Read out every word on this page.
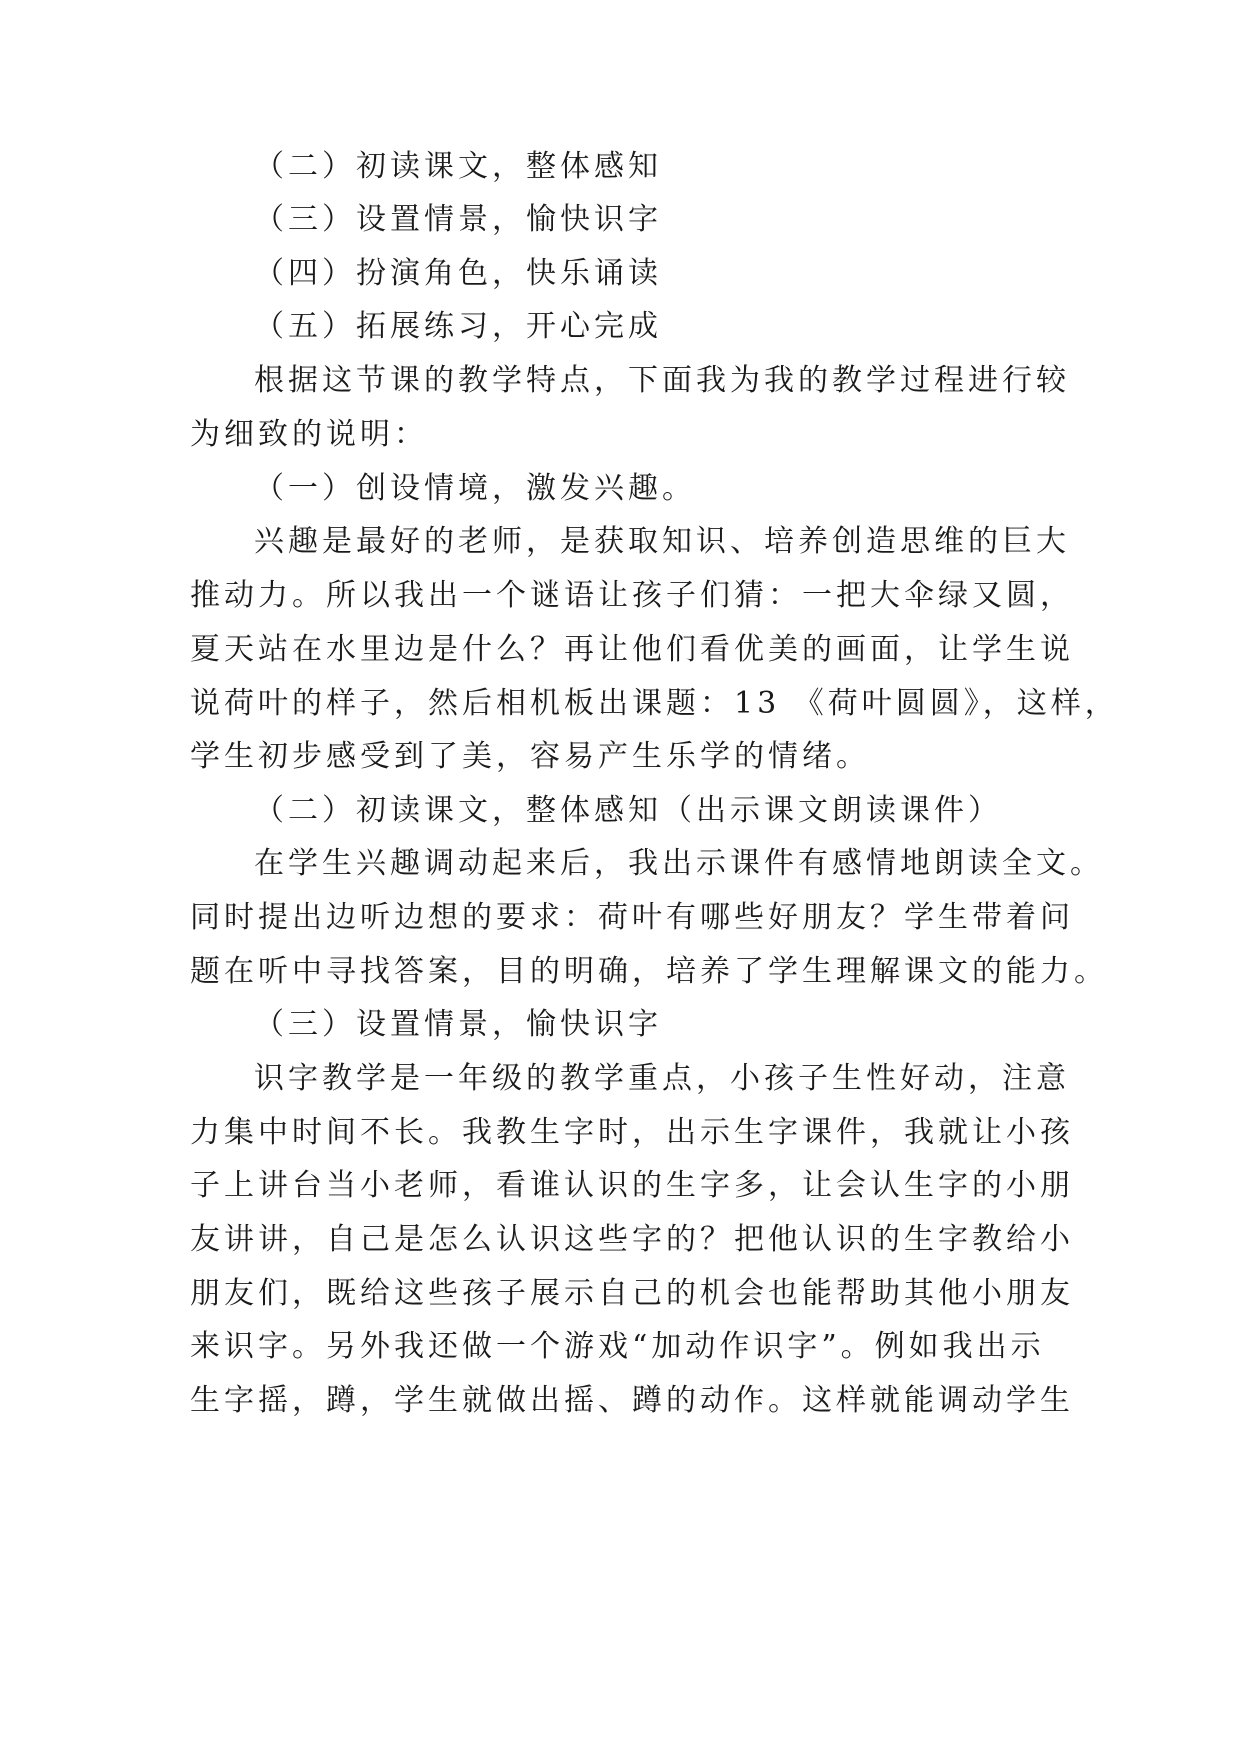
（二）初读课文，整体感知
（三）设置情景，愉快识字
（四）扮演角色，快乐诵读
（五）拓展练习，开心完成
根据这节课的教学特点，下面我为我的教学过程进行较
为细致的说明：
（一）创设情境，激发兴趣。
兴趣是最好的老师，是获取知识、培养创造思维的巨大
推动力。所以我出一个谜语让孩子们猜：一把大伞绿又圆，
夏天站在水里边是什么？再让他们看优美的画面，让学生说
说荷叶的样子，然后相机板出课题：13 《荷叶圆圆》，这样，
学生初步感受到了美，容易产生乐学的情绪。
（二）初读课文，整体感知（出示课文朗读课件）
在学生兴趣调动起来后，我出示课件有感情地朗读全文。
同时提出边听边想的要求：荷叶有哪些好朋友？学生带着问
题在听中寻找答案，目的明确，培养了学生理解课文的能力。
（三）设置情景，愉快识字
识字教学是一年级的教学重点，小孩子生性好动，注意
力集中时间不长。我教生字时，出示生字课件，我就让小孩
子上讲台当小老师，看谁认识的生字多，让会认生字的小朋
友讲讲，自己是怎么认识这些字的？把他认识的生字教给小
朋友们，既给这些孩子展示自己的机会也能帮助其他小朋友
来识字。另外我还做一个游戏“加动作识字”。例如我出示
生字摇，蹲，学生就做出摇、蹲的动作。这样就能调动学生
